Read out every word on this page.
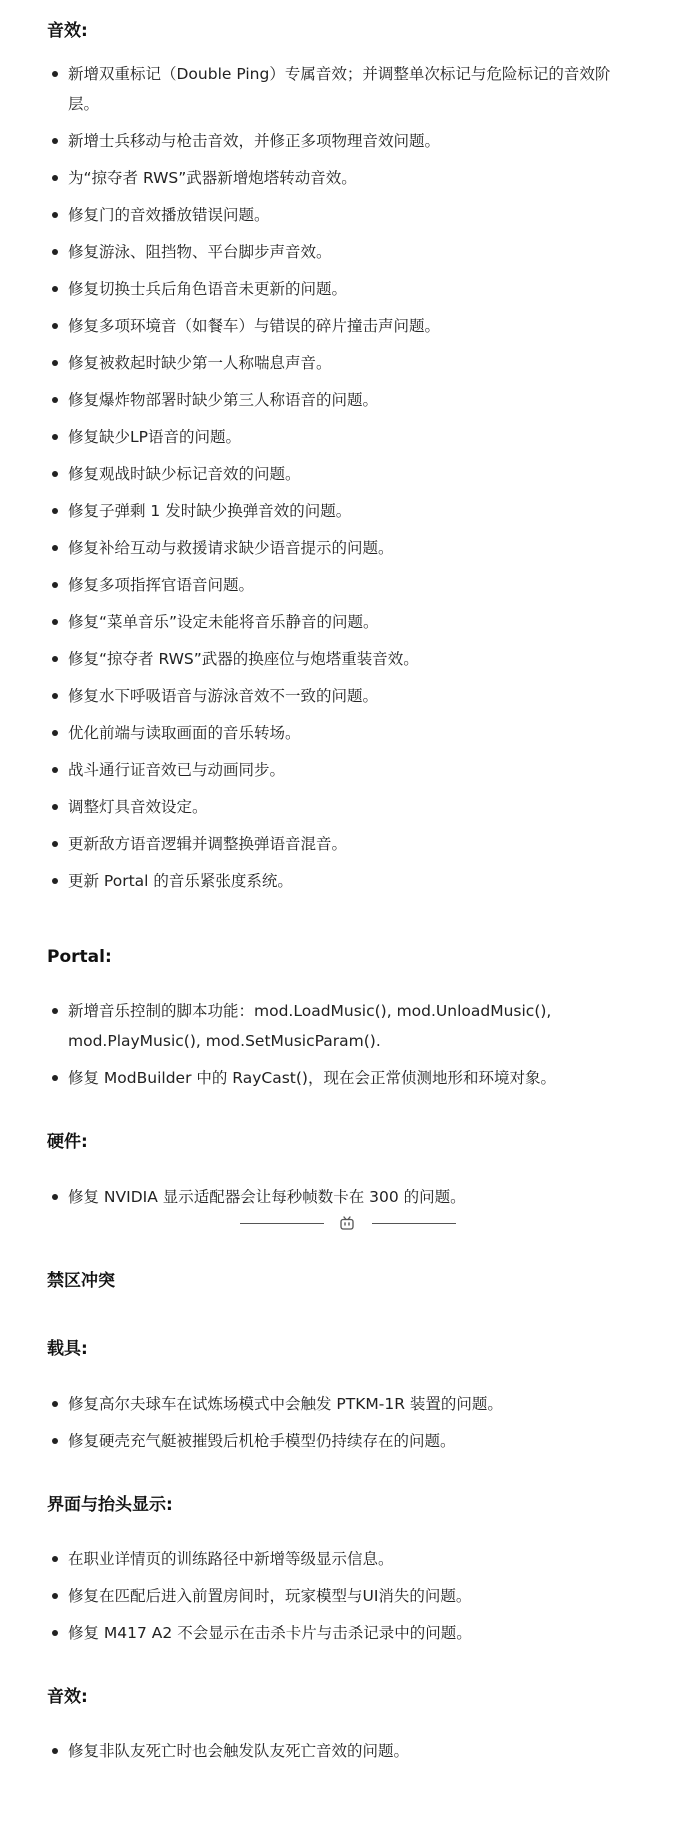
音效:
新增双重标记（Double Ping）专属音效；并调整单次标记与危险标记的音效阶层。
新增士兵移动与枪击音效，并修正多项物理音效问题。
为“掠夺者 RWS”武器新增炮塔转动音效。
修复门的音效播放错误问题。
修复游泳、阻挡物、平台脚步声音效。
修复切换士兵后角色语音未更新的问题。
修复多项环境音（如餐车）与错误的碎片撞击声问题。
修复被救起时缺少第一人称喘息声音。
修复爆炸物部署时缺少第三人称语音的问题。
修复缺少LP语音的问题。
修复观战时缺少标记音效的问题。
修复子弹剩 1 发时缺少换弹音效的问题。
修复补给互动与救援请求缺少语音提示的问题。
修复多项指挥官语音问题。
修复“菜单音乐”设定未能将音乐静音的问题。
修复“掠夺者 RWS”武器的换座位与炮塔重装音效。
修复水下呼吸语音与游泳音效不一致的问题。
优化前端与读取画面的音乐转场。
战斗通行证音效已与动画同步。
调整灯具音效设定。
更新敌方语音逻辑并调整换弹语音混音。
更新 Portal 的音乐紧张度系统。
Portal:
新增音乐控制的脚本功能：mod.LoadMusic(), mod.UnloadMusic(), mod.PlayMusic(), mod.SetMusicParam().
修复 ModBuilder 中的 RayCast()，现在会正常侦测地形和环境对象。
硬件:
修复 NVIDIA 显示适配器会让每秒帧数卡在 300 的问题。
禁区冲突
载具:
修复高尔夫球车在试炼场模式中会触发 PTKM-1R 装置的问题。
修复硬壳充气艇被摧毁后机枪手模型仍持续存在的问题。
界面与抬头显示:
在职业详情页的训练路径中新增等级显示信息。
修复在匹配后进入前置房间时，玩家模型与UI消失的问题。
修复 M417 A2 不会显示在击杀卡片与击杀记录中的问题。
音效:
修复非队友死亡时也会触发队友死亡音效的问题。
